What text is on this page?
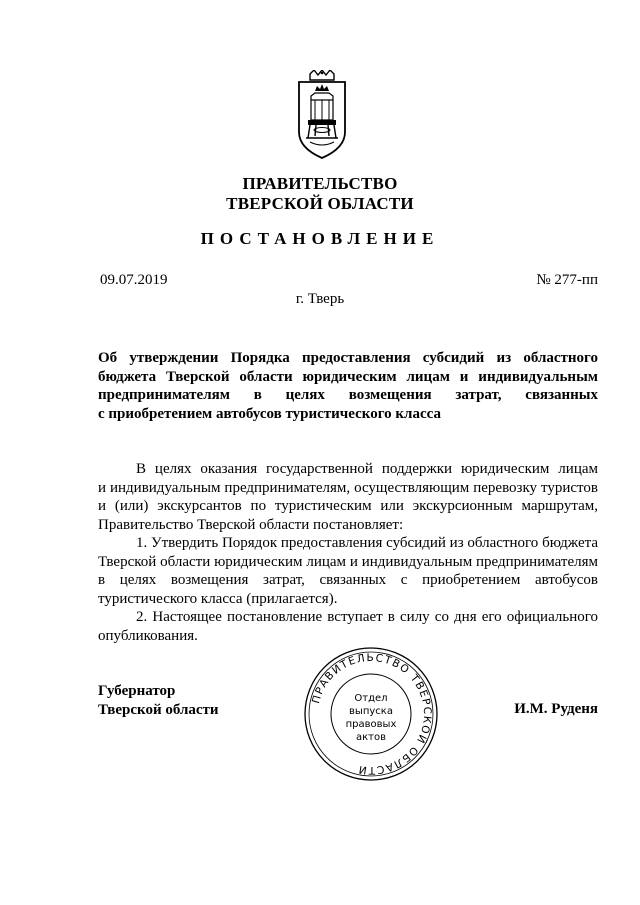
ПРАВИТЕЛЬСТВО
ТВЕРСКОЙ ОБЛАСТИ
ПОСТАНОВЛЕНИЕ
09.07.2019	№ 277-пп
г. Тверь
Об утверждении Порядка предоставления субсидий из областного
бюджета Тверской области юридическим лицам и индивидуальным
предпринимателям в целях возмещения затрат, связанных
с приобретением автобусов туристического класса
В целях оказания государственной поддержки юридическим лицам
и индивидуальным предпринимателям, осуществляющим перевозку туристов
и (или) экскурсантов по туристическим или экскурсионным маршрутам,
Правительство Тверской области постановляет:
1. Утвердить Порядок предоставления субсидий из областного бюджета
Тверской области юридическим лицам и индивидуальным предпринимателям
в целях возмещения затрат, связанных с приобретением автобусов
туристического класса (прилагается).
2. Настоящее постановление вступает в силу со дня его официального
опубликования.
Губернатор
Тверской области	И.М. Руденя
ПРАВИТЕЛЬСТВО ТВЕРСКОЙ ОБЛАСТИ
Отдел
выпуска
правовых
актов
